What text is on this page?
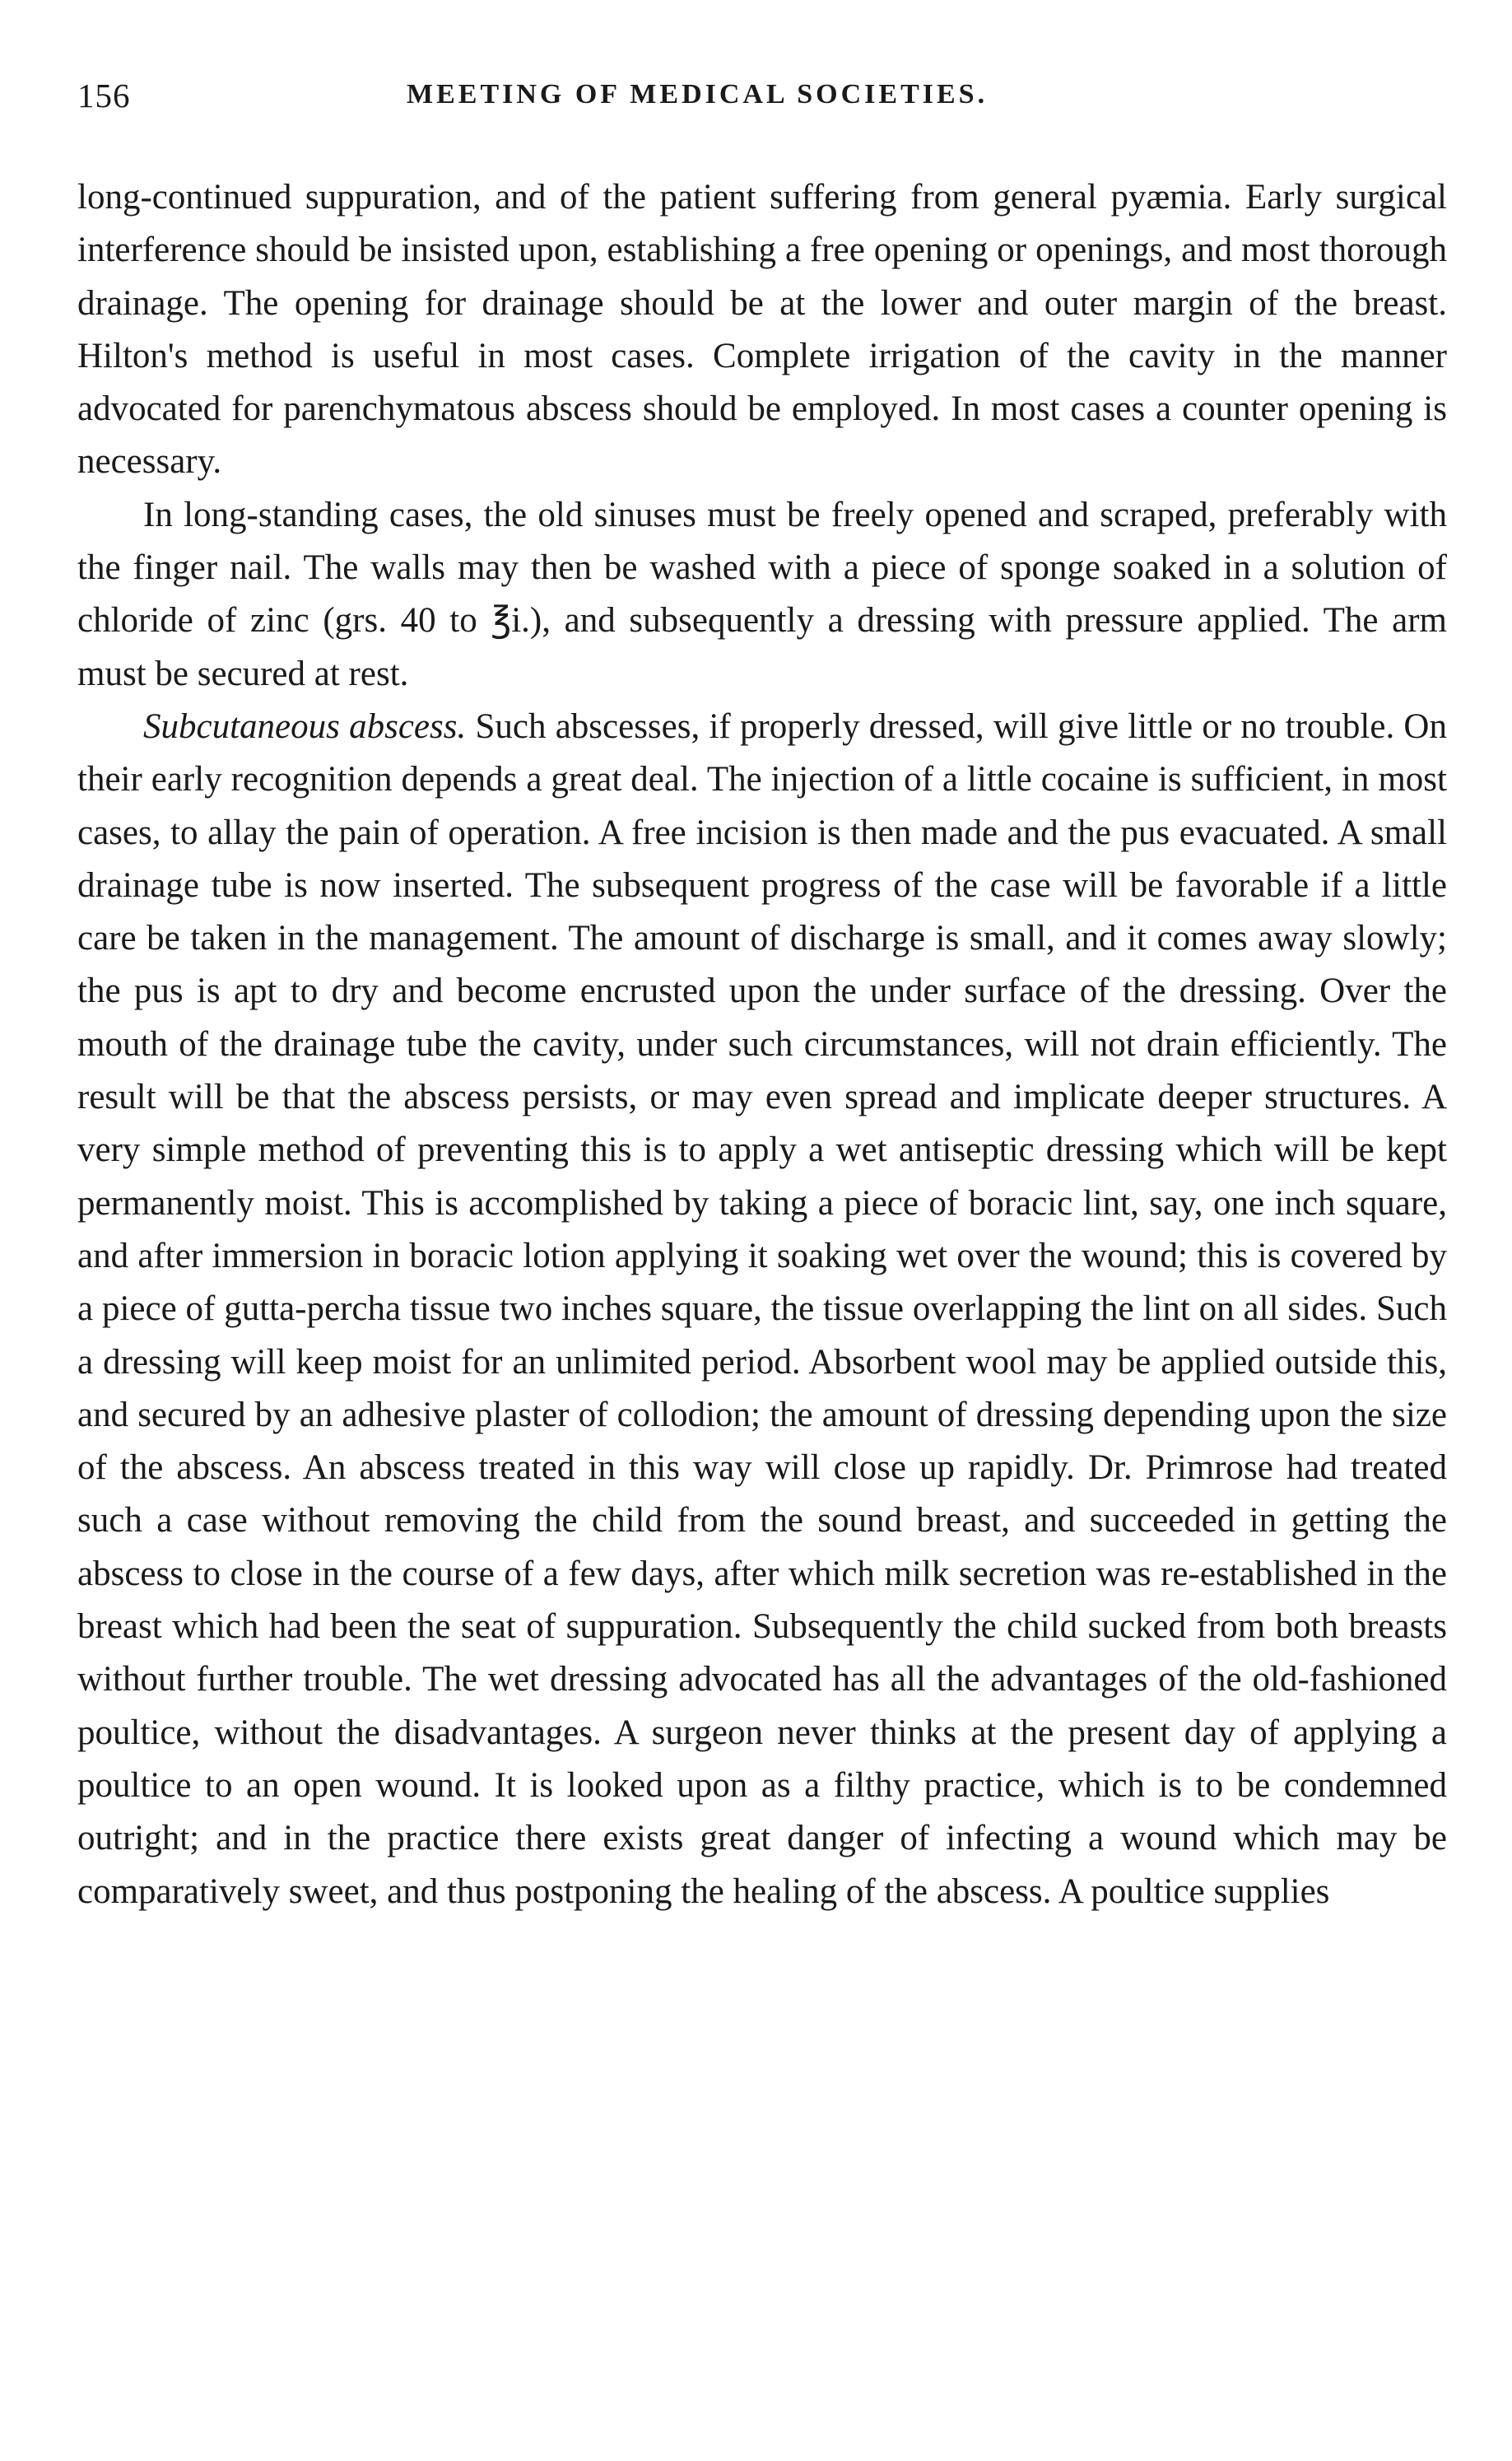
156	MEETING OF MEDICAL SOCIETIES.

long-continued suppuration, and of the patient suffering from general pyæmia. Early surgical interference should be insisted upon, establishing a free opening or openings, and most thorough drainage. The opening for drainage should be at the lower and outer margin of the breast. Hilton's method is useful in most cases. Complete irrigation of the cavity in the manner advocated for parenchymatous abscess should be employed. In most cases a counter opening is necessary.

In long-standing cases, the old sinuses must be freely opened and scraped, preferably with the finger nail. The walls may then be washed with a piece of sponge soaked in a solution of chloride of zinc (grs. 40 to ℥i.), and subsequently a dressing with pressure applied. The arm must be secured at rest.

Subcutaneous abscess. Such abscesses, if properly dressed, will give little or no trouble. On their early recognition depends a great deal. The injection of a little cocaine is sufficient, in most cases, to allay the pain of operation. A free incision is then made and the pus evacuated. A small drainage tube is now inserted. The subsequent progress of the case will be favorable if a little care be taken in the management. The amount of discharge is small, and it comes away slowly; the pus is apt to dry and become encrusted upon the under surface of the dressing. Over the mouth of the drainage tube the cavity, under such circumstances, will not drain efficiently. The result will be that the abscess persists, or may even spread and implicate deeper structures. A very simple method of preventing this is to apply a wet antiseptic dressing which will be kept permanently moist. This is accomplished by taking a piece of boracic lint, say, one inch square, and after immersion in boracic lotion applying it soaking wet over the wound; this is covered by a piece of gutta-percha tissue two inches square, the tissue overlapping the lint on all sides. Such a dressing will keep moist for an unlimited period. Absorbent wool may be applied outside this, and secured by an adhesive plaster of collodion; the amount of dressing depending upon the size of the abscess. An abscess treated in this way will close up rapidly. Dr. Primrose had treated such a case without removing the child from the sound breast, and succeeded in getting the abscess to close in the course of a few days, after which milk secretion was re-established in the breast which had been the seat of suppuration. Subsequently the child sucked from both breasts without further trouble. The wet dressing advocated has all the advantages of the old-fashioned poultice, without the disadvantages. A surgeon never thinks at the present day of applying a poultice to an open wound. It is looked upon as a filthy practice, which is to be condemned outright; and in the practice there exists great danger of infecting a wound which may be comparatively sweet, and thus postponing the healing of the abscess. A poultice supplies
